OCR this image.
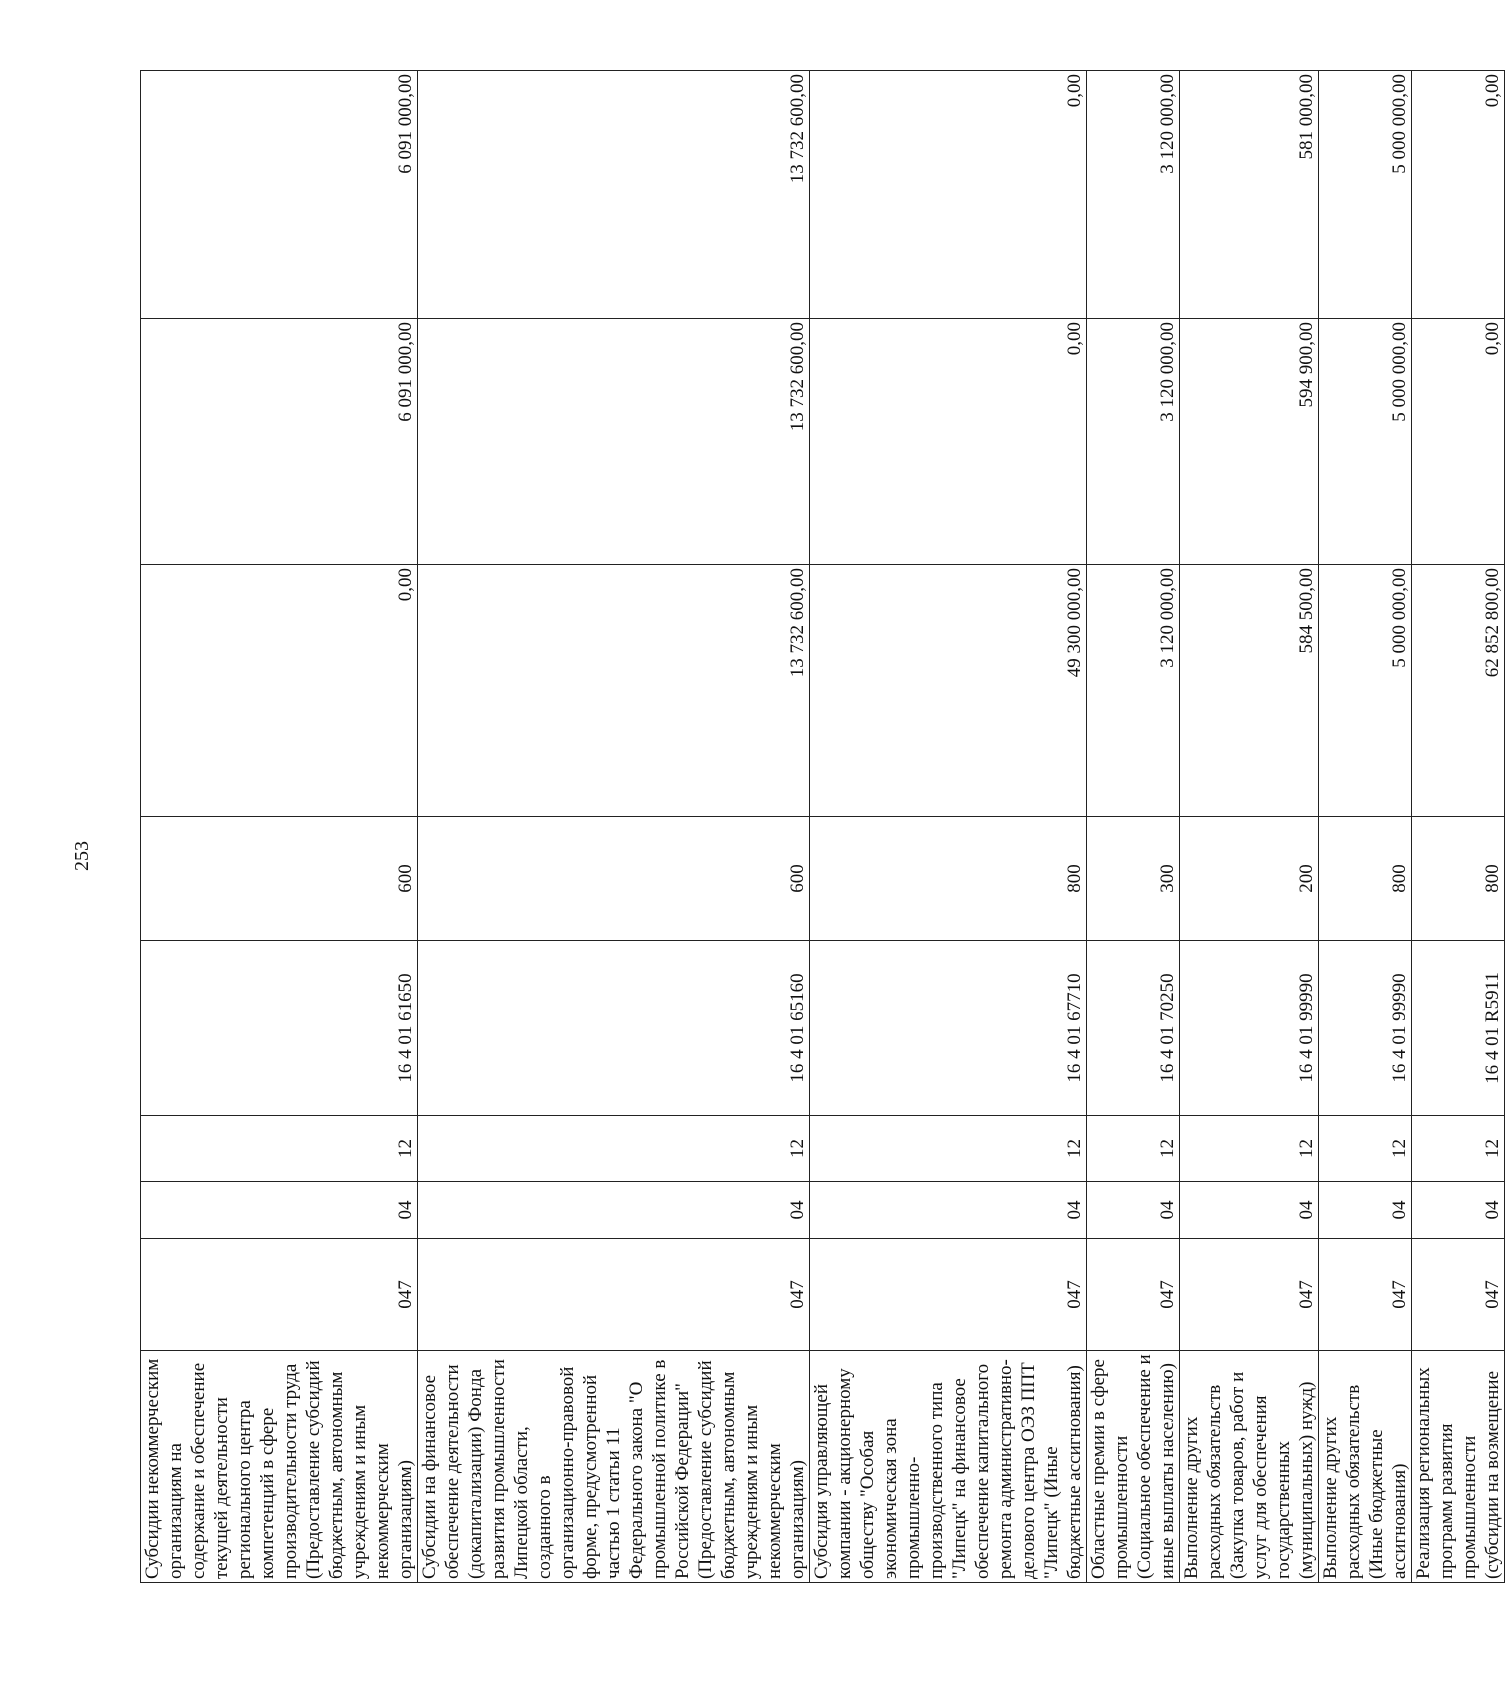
253
Субсидии некоммерческим организациям на содержание и обеспечение текущей деятельности регионального центра компетенций в сфере производительности труда (Предоставление субсидий бюджетным, автономным учреждениям и иным некоммерческим организациям)	047	04	12	16 4 01 61650	600	0,00	6 091 000,00	6 091 000,00
Субсидии на финансовое обеспечение деятельности (докапитализации) Фонда развития промышленности Липецкой области, созданного в организационно-правовой форме, предусмотренной частью 1 статьи 11 Федерального закона "О промышленной политике в Российской Федерации" (Предоставление субсидий бюджетным, автономным учреждениям и иным некоммерческим организациям)	047	04	12	16 4 01 65160	600	13 732 600,00	13 732 600,00	13 732 600,00
Субсидия управляющей компании - акционерному обществу "Особая экономическая зона промышленно-производственного типа "Липецк" на финансовое обеспечение капитального ремонта административно-делового центра ОЭЗ ППТ "Липецк" (Иные бюджетные ассигнования)	047	04	12	16 4 01 67710	800	49 300 000,00	0,00	0,00
Областные премии в сфере промышленности (Социальное обеспечение и иные выплаты населению)	047	04	12	16 4 01 70250	300	3 120 000,00	3 120 000,00	3 120 000,00
Выполнение других расходных обязательств (Закупка товаров, работ и услуг для обеспечения государственных (муниципальных) нужд)	047	04	12	16 4 01 99990	200	584 500,00	594 900,00	581 000,00
Выполнение других расходных обязательств (Иные бюджетные ассигнования)	047	04	12	16 4 01 99990	800	5 000 000,00	5 000 000,00	5 000 000,00
Реализация региональных программ развития промышленности (субсидии на возмещение	047	04	12	16 4 01 R5911	800	62 852 800,00	0,00	0,00
